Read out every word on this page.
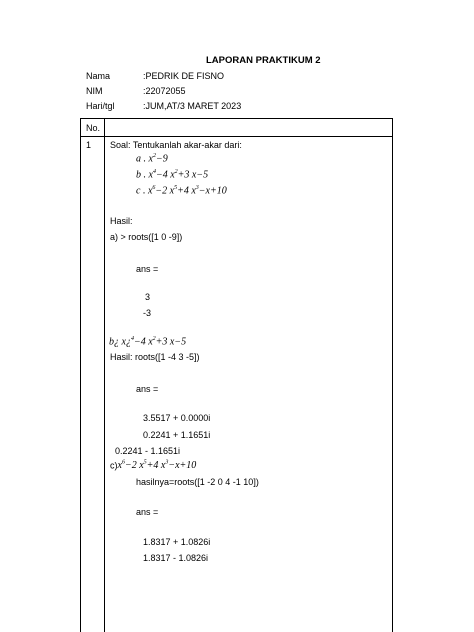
LAPORAN PRAKTIKUM 2
Nama	:PEDRIK DE FISNO
NIM	:22072055
Hari/tgl	:JUM,AT/3 MARET 2023
No.
1 Soal: Tentukanlah akar-akar dari:
a . $x^2-9$
b . $x^4-4$ $x^2+3$ x−5
c . $x^6-2$ $x^5+4$ $x^3-x+10$
Hasil:
a) > roots([1 0 -9])
ans =
3
-3
b¿ x¿$^4$−4 $x^2+3$ x−5
Hasil: roots([1 -4 3 -5])
ans =
3.5517 + 0.0000i
0.2241 + 1.1651i
0.2241 - 1.1651i
$c)x^6-2$ $x^5+4$ $x^3-x+10$
hasilnya=roots([1 -2 0 4 -1 10])
ans =
1.8317 + 1.0826i
1.8317 - 1.0826i
